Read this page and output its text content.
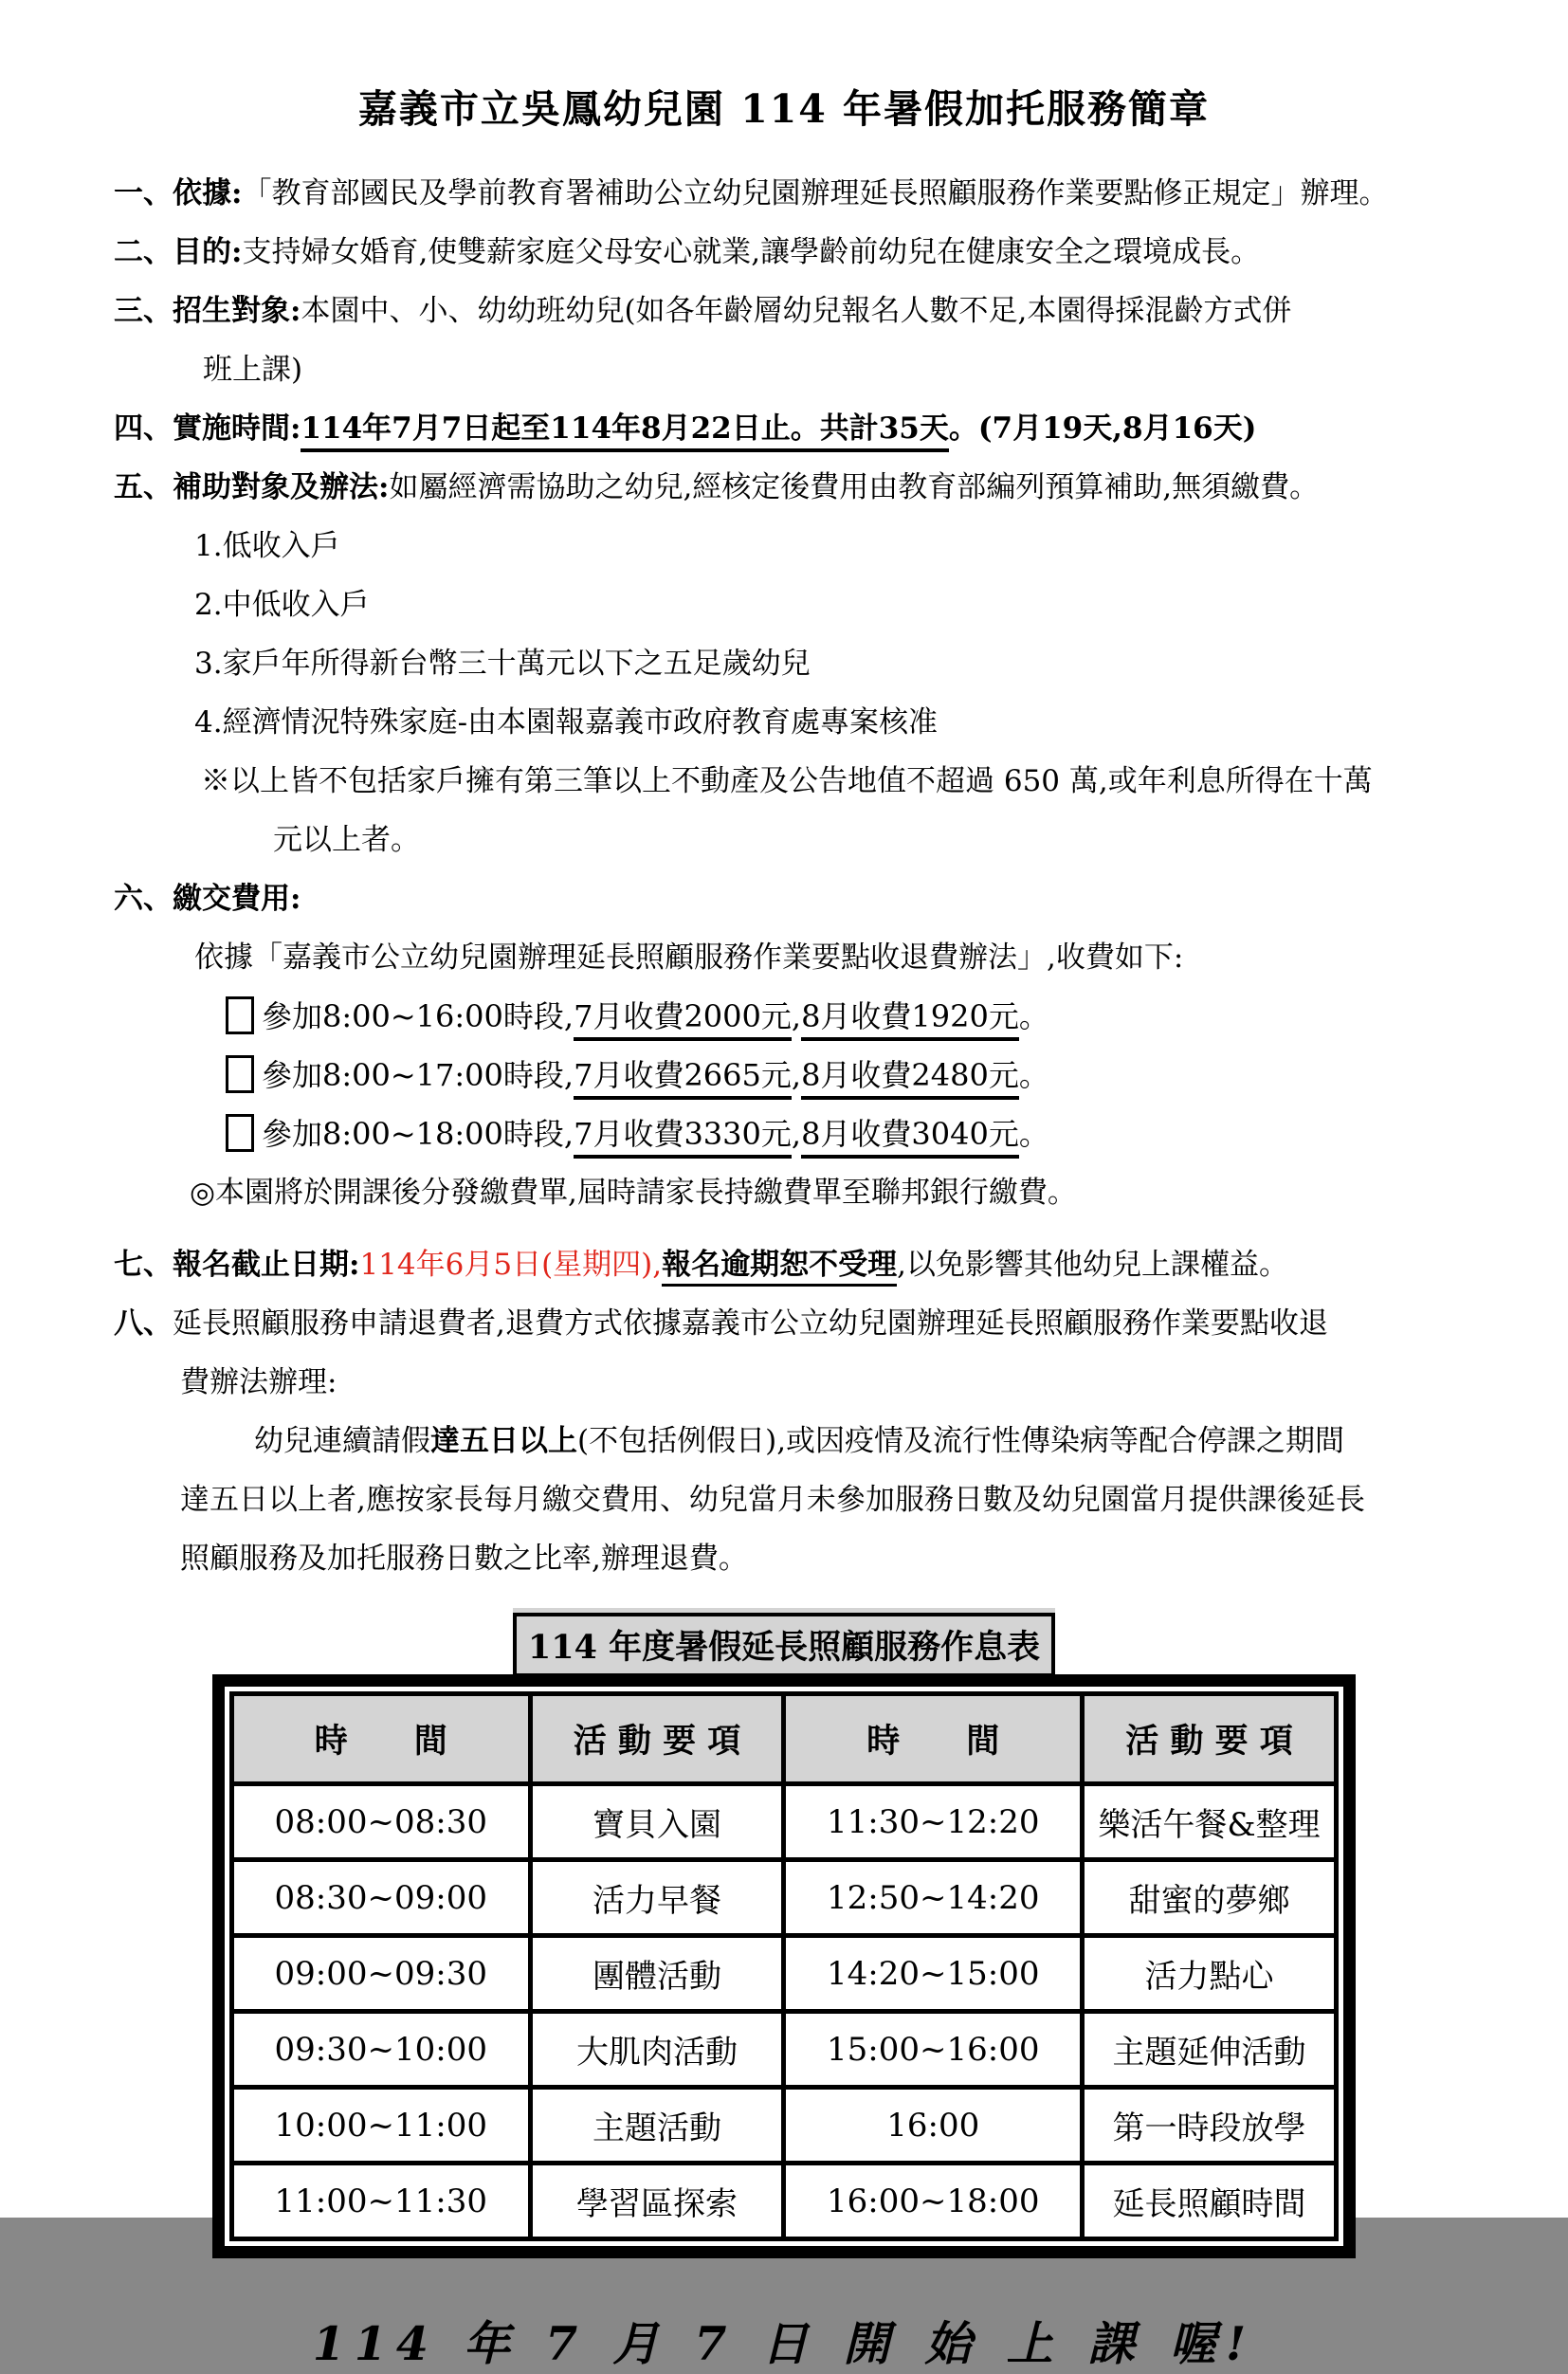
嘉義市立吳鳳幼兒園 114 年暑假加托服務簡章
一、依據:「教育部國民及學前教育署補助公立幼兒園辦理延長照顧服務作業要點修正規定」辦理。
二、目的:支持婦女婚育,使雙薪家庭父母安心就業,讓學齡前幼兒在健康安全之環境成長。
三、招生對象:本園中、小、幼幼班幼兒(如各年齡層幼兒報名人數不足,本園得採混齡方式併
班上課)
四、實施時間:114年7月7日起至114年8月22日止。共計35天。(7月19天,8月16天)
五、補助對象及辦法:如屬經濟需協助之幼兒,經核定後費用由教育部編列預算補助,無須繳費。
1.低收入戶
2.中低收入戶
3.家戶年所得新台幣三十萬元以下之五足歲幼兒
4.經濟情況特殊家庭-由本園報嘉義市政府教育處專案核准
※以上皆不包括家戶擁有第三筆以上不動產及公告地值不超過 650 萬,或年利息所得在十萬
元以上者。
六、繳交費用:
依據「嘉義市公立幼兒園辦理延長照顧服務作業要點收退費辦法」,收費如下:
參加8:00~16:00時段,7月收費2000元,8月收費1920元。
參加8:00~17:00時段,7月收費2665元,8月收費2480元。
參加8:00~18:00時段,7月收費3330元,8月收費3040元。
◎本園將於開課後分發繳費單,屆時請家長持繳費單至聯邦銀行繳費。
七、報名截止日期:114年6月5日(星期四),報名逾期恕不受理,以免影響其他幼兒上課權益。
八、延長照顧服務申請退費者,退費方式依據嘉義市公立幼兒園辦理延長照顧服務作業要點收退
費辦法辦理:
幼兒連續請假達五日以上(不包括例假日),或因疫情及流行性傳染病等配合停課之期間
達五日以上者,應按家長每月繳交費用、幼兒當月未參加服務日數及幼兒園當月提供課後延長
照顧服務及加托服務日數之比率,辦理退費。
114 年度暑假延長照顧服務作息表
時　　間	活 動 要 項	時　　間	活 動 要 項
08:00~08:30	寶貝入園	11:30~12:20	樂活午餐&整理
08:30~09:00	活力早餐	12:50~14:20	甜蜜的夢鄉
09:00~09:30	團體活動	14:20~15:00	活力點心
09:30~10:00	大肌肉活動	15:00~16:00	主題延伸活動
10:00~11:00	主題活動	16:00	第一時段放學
11:00~11:30	學習區探索	16:00~18:00	延長照顧時間
114 年 7 月 7 日 開 始 上 課 喔!
